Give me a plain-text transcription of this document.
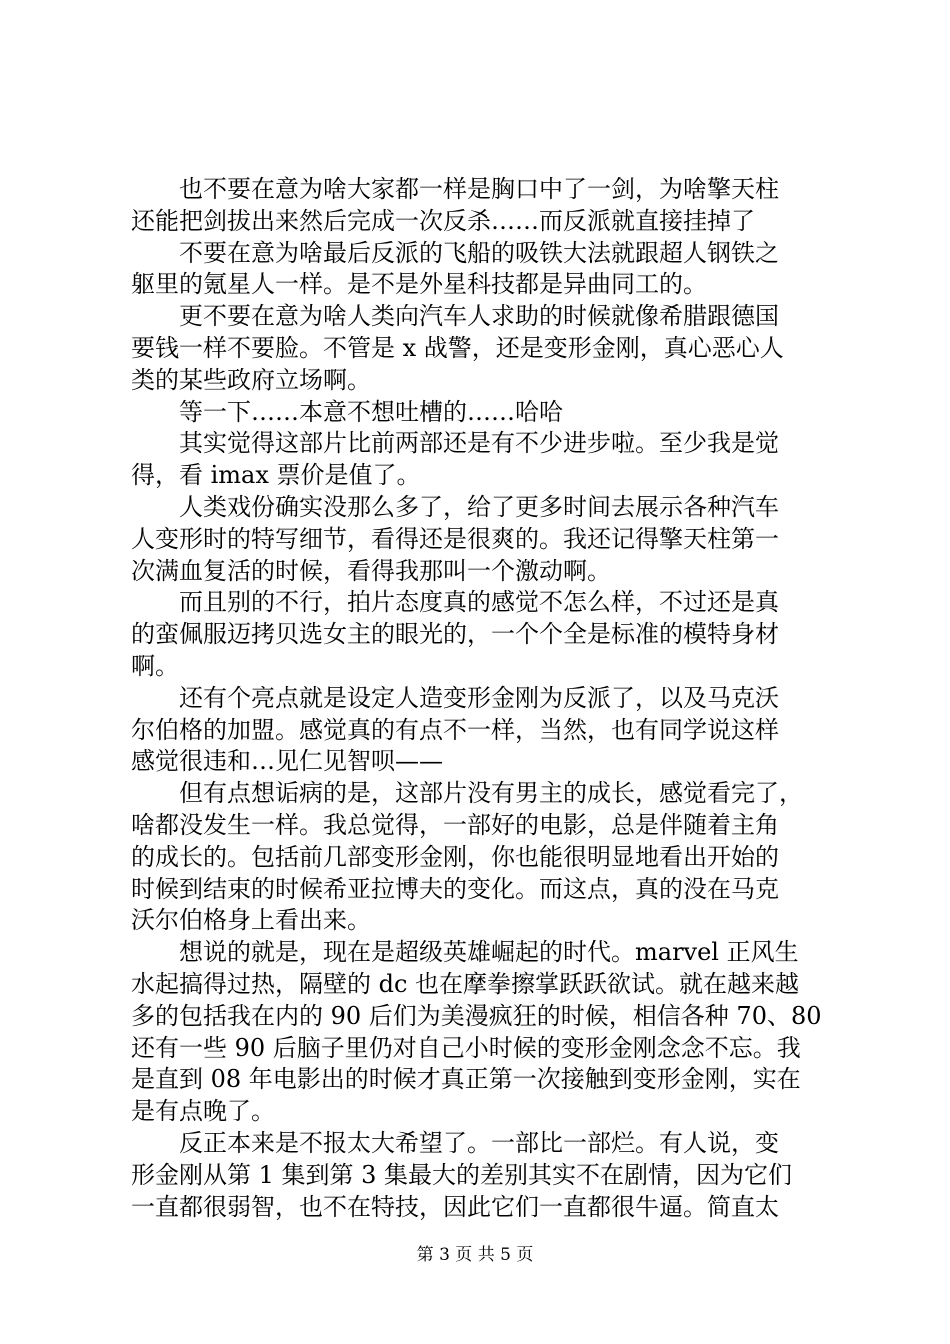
也不要在意为啥大家都一样是胸口中了一剑，为啥擎天柱
还能把剑拔出来然后完成一次反杀……而反派就直接挂掉了
不要在意为啥最后反派的飞船的吸铁大法就跟超人钢铁之
躯里的氪星人一样。是不是外星科技都是异曲同工的。
更不要在意为啥人类向汽车人求助的时候就像希腊跟德国
要钱一样不要脸。不管是 x 战警，还是变形金刚，真心恶心人
类的某些政府立场啊。
等一下……本意不想吐槽的……哈哈
其实觉得这部片比前两部还是有不少进步啦。至少我是觉
得，看 imax 票价是值了。
人类戏份确实没那么多了，给了更多时间去展示各种汽车
人变形时的特写细节，看得还是很爽的。我还记得擎天柱第一
次满血复活的时候，看得我那叫一个激动啊。
而且别的不行，拍片态度真的感觉不怎么样，不过还是真
的蛮佩服迈拷贝选女主的眼光的，一个个全是标准的模特身材
啊。
还有个亮点就是设定人造变形金刚为反派了，以及马克沃
尔伯格的加盟。感觉真的有点不一样，当然，也有同学说这样
感觉很违和…见仁见智呗——
但有点想诟病的是，这部片没有男主的成长，感觉看完了，
啥都没发生一样。我总觉得，一部好的电影，总是伴随着主角
的成长的。包括前几部变形金刚，你也能很明显地看出开始的
时候到结束的时候希亚拉博夫的变化。而这点，真的没在马克
沃尔伯格身上看出来。
想说的就是，现在是超级英雄崛起的时代。marvel 正风生
水起搞得过热，隔壁的 dc 也在摩拳擦掌跃跃欲试。就在越来越
多的包括我在内的 90 后们为美漫疯狂的时候，相信各种 70、80
还有一些 90 后脑子里仍对自己小时候的变形金刚念念不忘。我
是直到 08 年电影出的时候才真正第一次接触到变形金刚，实在
是有点晚了。
反正本来是不报太大希望了。一部比一部烂。有人说，变
形金刚从第 1 集到第 3 集最大的差别其实不在剧情，因为它们
一直都很弱智，也不在特技，因此它们一直都很牛逼。简直太
第 3 页 共 5 页
